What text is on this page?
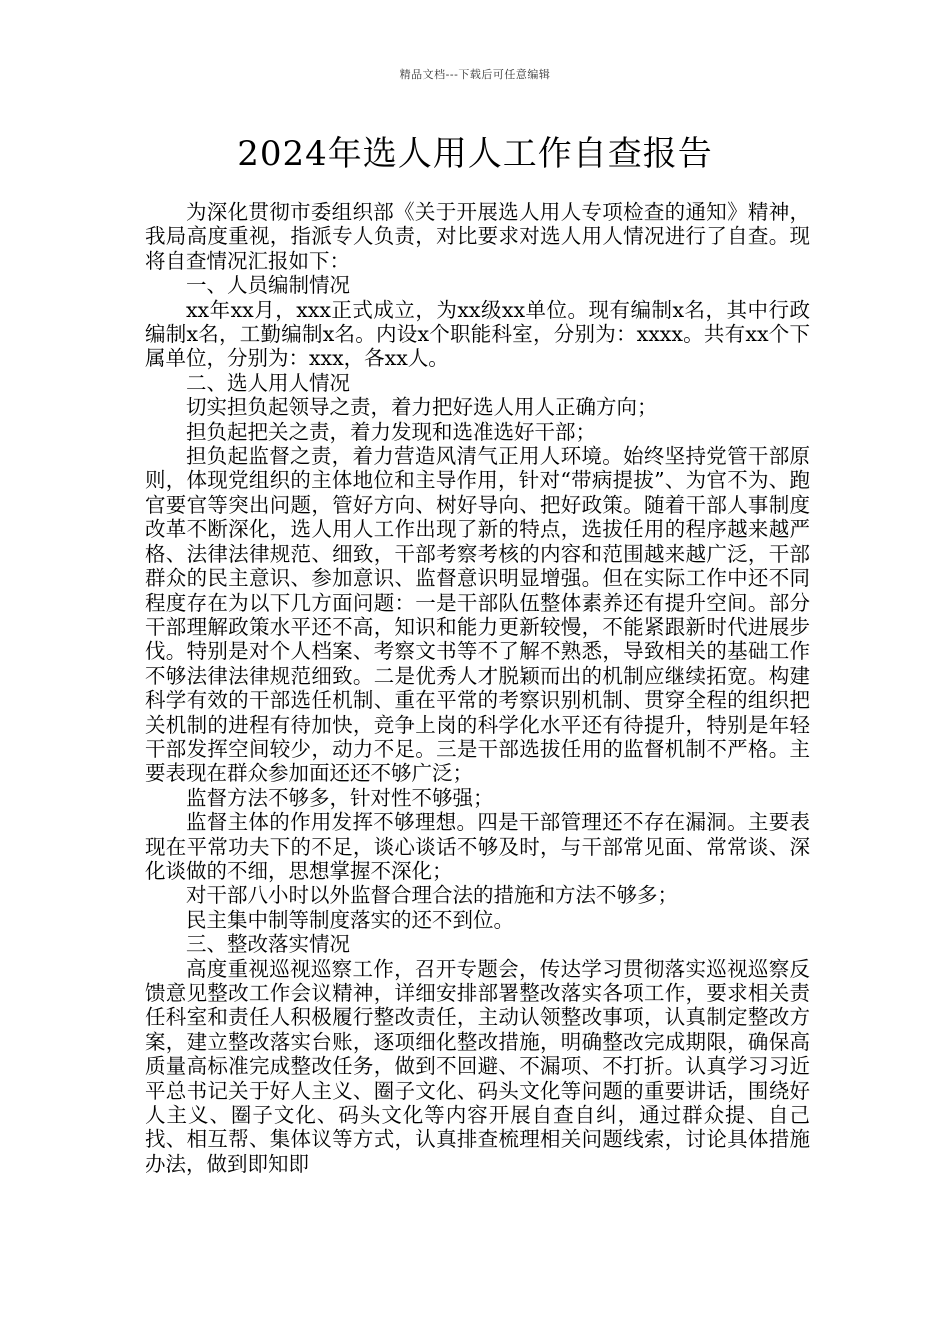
精品文档---下载后可任意编辑
2024年选人用人工作自查报告

为深化贯彻市委组织部《关于开展选人用人专项检查的通知》精神，我局高度重视，指派专人负责，对比要求对选人用人情况进行了自查。现将自查情况汇报如下：

一、人员编制情况

xx年xx月，xxx正式成立，为xx级xx单位。现有编制x名，其中行政编制x名，工勤编制x名。内设x个职能科室，分别为：xxxx。共有xx个下属单位，分别为：xxx，各xx人。

二、选人用人情况

切实担负起领导之责，着力把好选人用人正确方向；

担负起把关之责，着力发现和选准选好干部；

担负起监督之责，着力营造风清气正用人环境。始终坚持党管干部原则，体现党组织的主体地位和主导作用，针对“带病提拔”、为官不为、跑官要官等突出问题，管好方向、树好导向、把好政策。随着干部人事制度改革不断深化，选人用人工作出现了新的特点，选拔任用的程序越来越严格、法律法律规范、细致，干部考察考核的内容和范围越来越广泛，干部群众的民主意识、参加意识、监督意识明显增强。但在实际工作中还不同程度存在为以下几方面问题：一是干部队伍整体素养还有提升空间。部分干部理解政策水平还不高，知识和能力更新较慢，不能紧跟新时代进展步伐。特别是对个人档案、考察文书等不了解不熟悉，导致相关的基础工作不够法律法律规范细致。二是优秀人才脱颖而出的机制应继续拓宽。构建科学有效的干部选任机制、重在平常的考察识别机制、贯穿全程的组织把关机制的进程有待加快，竞争上岗的科学化水平还有待提升，特别是年轻干部发挥空间较少，动力不足。三是干部选拔任用的监督机制不严格。主要表现在群众参加面还还不够广泛；

监督方法不够多，针对性不够强；

监督主体的作用发挥不够理想。四是干部管理还不存在漏洞。主要表现在平常功夫下的不足，谈心谈话不够及时，与干部常见面、常常谈、深化谈做的不细，思想掌握不深化；

对干部八小时以外监督合理合法的措施和方法不够多；

民主集中制等制度落实的还不到位。

三、整改落实情况

高度重视巡视巡察工作，召开专题会，传达学习贯彻落实巡视巡察反馈意见整改工作会议精神，详细安排部署整改落实各项工作，要求相关责任科室和责任人积极履行整改责任，主动认领整改事项，认真制定整改方案，建立整改落实台账，逐项细化整改措施，明确整改完成期限，确保高质量高标准完成整改任务，做到不回避、不漏项、不打折。认真学习习近平总书记关于好人主义、圈子文化、码头文化等问题的重要讲话，围绕好人主义、圈子文化、码头文化等内容开展自查自纠，通过群众提、自己找、相互帮、集体议等方式，认真排查梳理相关问题线索，讨论具体措施办法，做到即知即
